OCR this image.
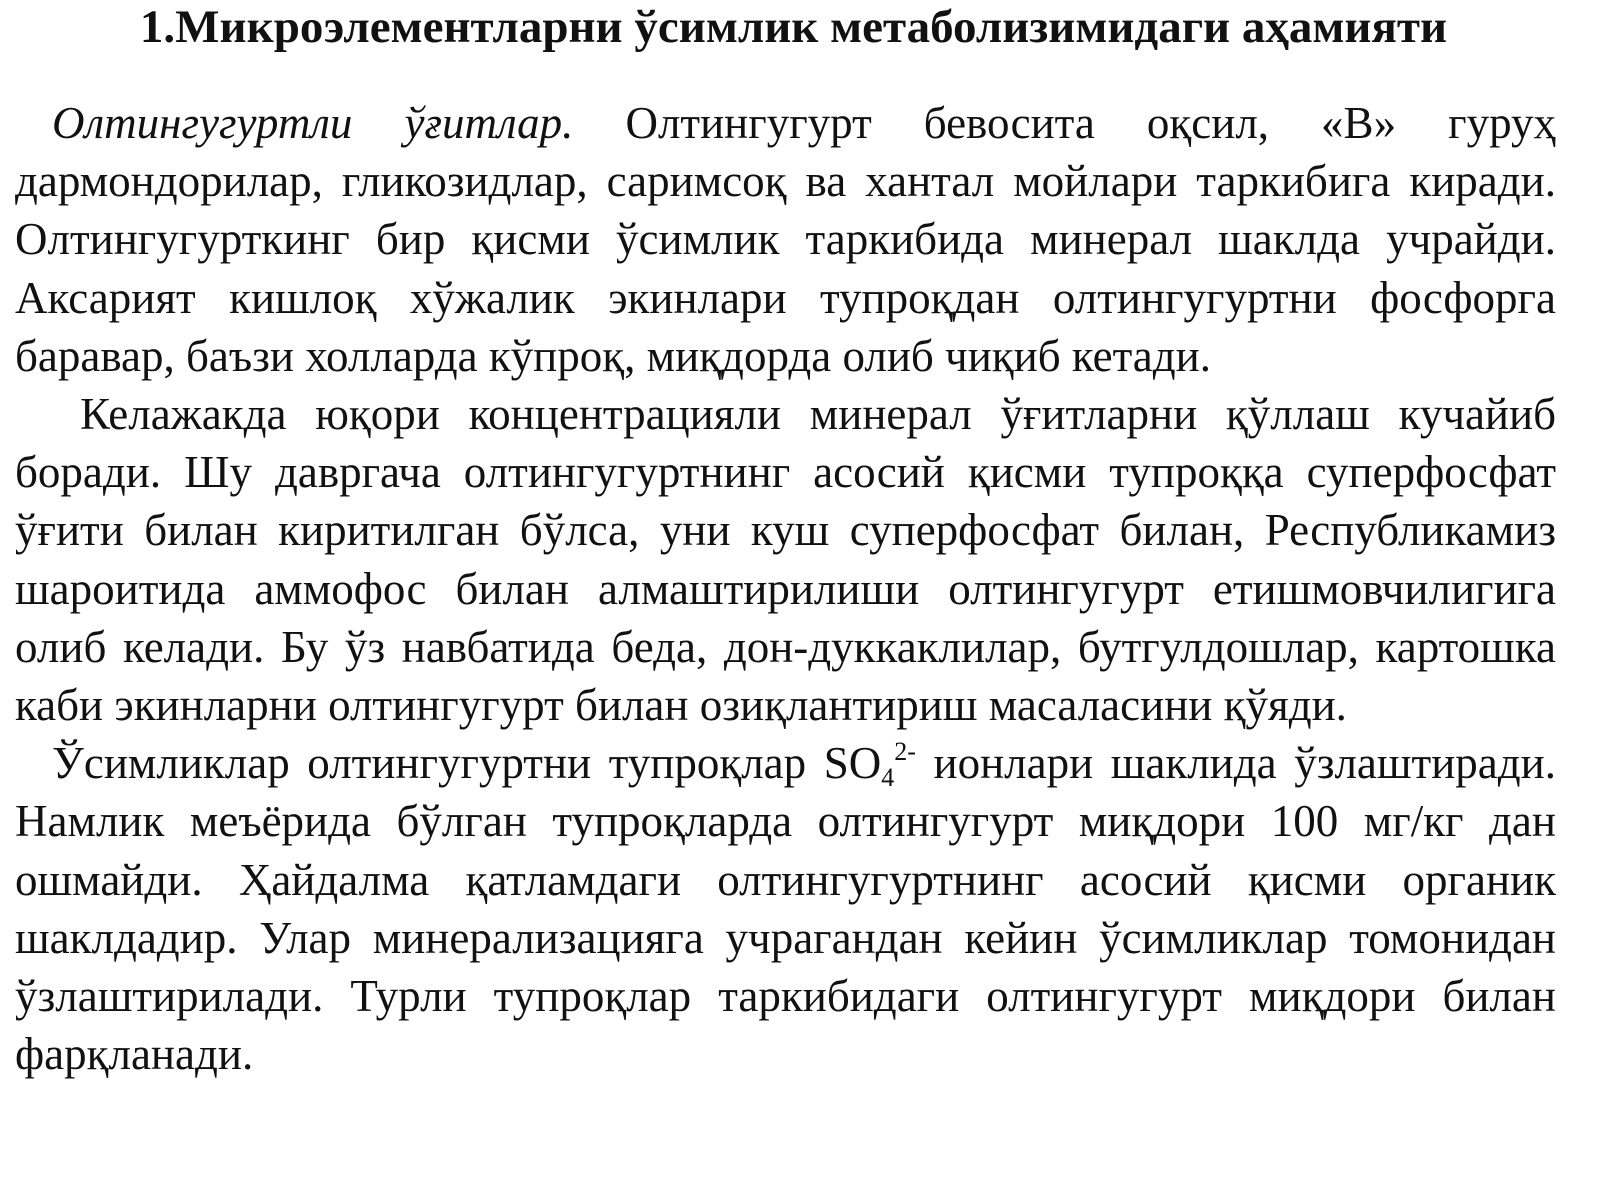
1.Микроэлементларни ўсимлик метаболизимидаги аҳамияти

Олтингугуртли ўғитлар. Олтингугурт бевосита оқсил, «В» гуруҳ дармондорилар, гликозидлар, саримсоқ ва хантал мойлари таркибига киради. Олтингугурткинг бир қисми ўсимлик таркибида минерал шаклда учрайди. Аксарият кишлоқ хўжалик экинлари тупроқдан олтингугуртни фосфорга баравар, баъзи холларда кўпроқ, миқдорда олиб чиқиб кетади.

Келажакда юқори концентрацияли минерал ўғитларни қўллаш кучайиб боради. Шу давргача олтингугуртнинг асосий қисми тупроққа суперфосфат ўғити билан киритилган бўлса, уни куш суперфосфат билан, Республикамиз шароитида аммофос билан алмаштирилиши олтингугурт етишмовчилигига олиб келади. Бу ўз навбатида беда, дон-дуккаклилар, бутгулдошлар, картошка каби экинларни олтингугурт билан озиқлантириш масаласини қўяди.

Ўсимликлар олтингугуртни тупроқлар $SO_4^{2-}$ ионлари шаклида ўзлаштиради. Намлик меъёрида бўлган тупроқларда олтингугурт миқдори 100 мг/кг дан ошмайди. Ҳайдалма қатламдаги олтингугуртнинг асосий қисми органик шаклдадир. Улар минерализацияга учрагандан кейин ўсимликлар томонидан ўзлаштирилади. Турли тупроқлар таркибидаги олтингугурт миқдори билан фарқланади.
